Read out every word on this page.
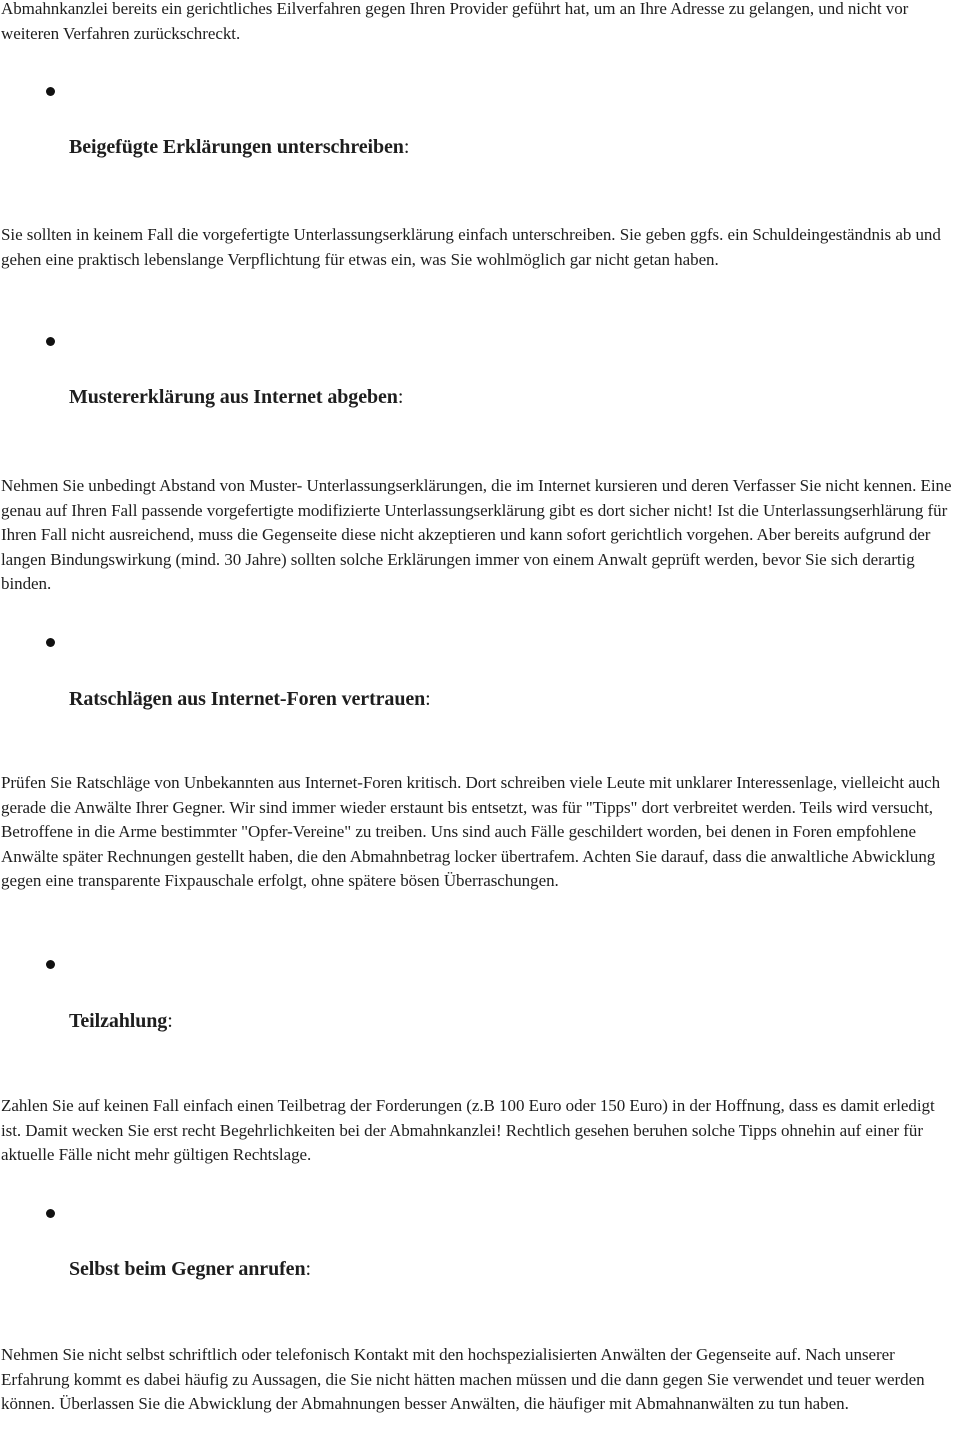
Abmahnkanzlei bereits ein gerichtliches Eilverfahren gegen Ihren Provider geführt hat, um an Ihre Adresse zu gelangen, und nicht vor weiteren Verfahren zurückschreckt.

Beigefügte Erklärungen unterschreiben:

Sie sollten in keinem Fall die vorgefertigte Unterlassungserklärung einfach unterschreiben. Sie geben ggfs. ein Schuldeingeständnis ab und gehen eine praktisch lebenslange Verpflichtung für etwas ein, was Sie wohlmöglich gar nicht getan haben.

Mustererklärung aus Internet abgeben:

Nehmen Sie unbedingt Abstand von Muster- Unterlassungserklärungen, die im Internet kursieren und deren Verfasser Sie nicht kennen. Eine genau auf Ihren Fall passende vorgefertigte modifizierte Unterlassungserklärung gibt es dort sicher nicht! Ist die Unterlassungserhlärung für Ihren Fall nicht ausreichend, muss die Gegenseite diese nicht akzeptieren und kann sofort gerichtlich vorgehen. Aber bereits aufgrund der langen Bindungswirkung (mind. 30 Jahre) sollten solche Erklärungen immer von einem Anwalt geprüft werden, bevor Sie sich derartig binden.

Ratschlägen aus Internet-Foren vertrauen:

Prüfen Sie Ratschläge von Unbekannten aus Internet-Foren kritisch. Dort schreiben viele Leute mit unklarer Interessenlage, vielleicht auch gerade die Anwälte Ihrer Gegner. Wir sind immer wieder erstaunt bis entsetzt, was für "Tipps" dort verbreitet werden. Teils wird versucht, Betroffene in die Arme bestimmter "Opfer-Vereine" zu treiben. Uns sind auch Fälle geschildert worden, bei denen in Foren empfohlene Anwälte später Rechnungen gestellt haben, die den Abmahnbetrag locker übertrafem. Achten Sie darauf, dass die anwaltliche Abwicklung gegen eine transparente Fixpauschale erfolgt, ohne spätere bösen Überraschungen.

Teilzahlung:

Zahlen Sie auf keinen Fall einfach einen Teilbetrag der Forderungen (z.B 100 Euro oder 150 Euro) in der Hoffnung, dass es damit erledigt ist. Damit wecken Sie erst recht Begehrlichkeiten bei der Abmahnkanzlei! Rechtlich gesehen beruhen solche Tipps ohnehin auf einer für aktuelle Fälle nicht mehr gültigen Rechtslage.

Selbst beim Gegner anrufen:

Nehmen Sie nicht selbst schriftlich oder telefonisch Kontakt mit den hochspezialisierten Anwälten der Gegenseite auf. Nach unserer Erfahrung kommt es dabei häufig zu Aussagen, die Sie nicht hätten machen müssen und die dann gegen Sie verwendet und teuer werden können. Überlassen Sie die Abwicklung der Abmahnungen besser Anwälten, die häufiger mit Abmahnanwälten zu tun haben.
